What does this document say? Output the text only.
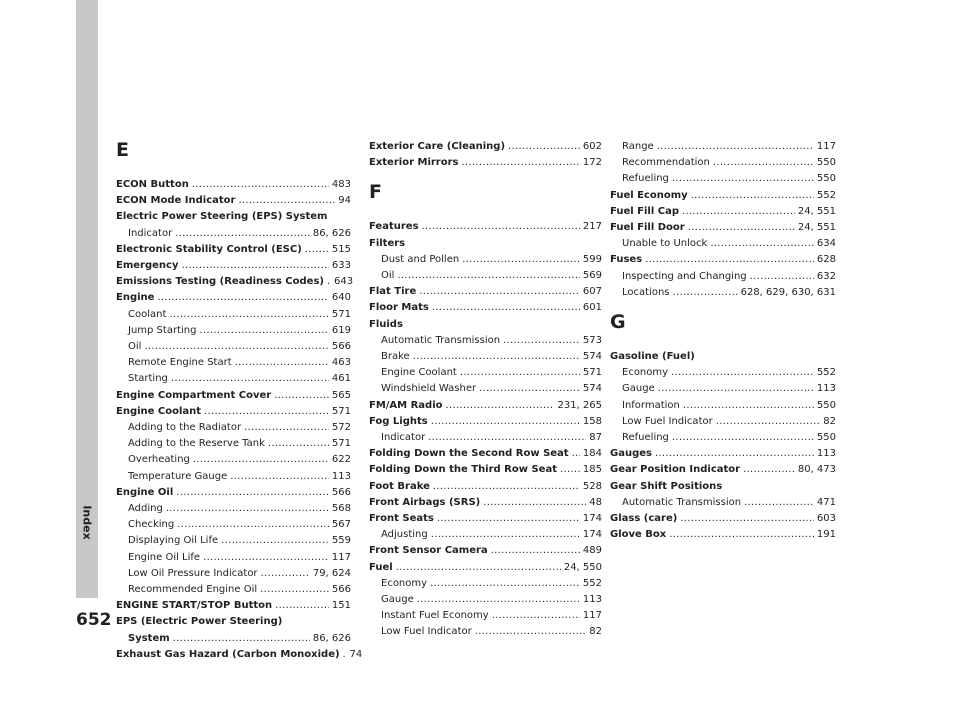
Index
652
E
ECON Button .....	483
ECON Mode Indicator .....	94
Electric Power Steering (EPS) System
Indicator .....	86, 626
Electronic Stability Control (ESC) .....	515
Emergency .....	633
Emissions Testing (Readiness Codes) ..... 643
Engine .....	640
Coolant .....	571
Jump Starting .....	619
Oil .....	566
Remote Engine Start .....	463
Starting .....	461
Engine Compartment Cover .....	565
Engine Coolant .....	571
Adding to the Radiator .....	572
Adding to the Reserve Tank .....	571
Overheating .....	622
Temperature Gauge .....	113
Engine Oil .....	566
Adding .....	568
Checking .....	567
Displaying Oil Life .....	559
Engine Oil Life .....	117
Low Oil Pressure Indicator .....	79, 624
Recommended Engine Oil .....	566
ENGINE START/STOP Button .....	151
EPS (Electric Power Steering)
System .....	86, 626
Exhaust Gas Hazard (Carbon Monoxide) ..... 74
Exterior Care (Cleaning) .....	602
Exterior Mirrors .....	172
F
Features .....	217
Filters
Dust and Pollen .....	599
Oil .....	569
Flat Tire .....	607
Floor Mats .....	601
Fluids
Automatic Transmission .....	573
Brake .....	574
Engine Coolant .....	571
Windshield Washer .....	574
FM/AM Radio .....	231, 265
Fog Lights .....	158
Indicator .....	87
Folding Down the Second Row Seat ..... 184
Folding Down the Third Row Seat .....	185
Foot Brake .....	528
Front Airbags (SRS) .....	48
Front Seats .....	174
Adjusting .....	174
Front Sensor Camera .....	489
Fuel .....	24, 550
Economy .....	552
Gauge .....	113
Instant Fuel Economy .....	117
Low Fuel Indicator .....	82
Range .....	117
Recommendation .....	550
Refueling .....	550
Fuel Economy .....	552
Fuel Fill Cap .....	24, 551
Fuel Fill Door .....	24, 551
Unable to Unlock .....	634
Fuses .....	628
Inspecting and Changing .....	632
Locations .....	628, 629, 630, 631
G
Gasoline (Fuel)
Economy .....	552
Gauge .....	113
Information .....	550
Low Fuel Indicator .....	82
Refueling .....	550
Gauges .....	113
Gear Position Indicator .....	80, 473
Gear Shift Positions
Automatic Transmission .....	471
Glass (care) .....	603
Glove Box .....	191
